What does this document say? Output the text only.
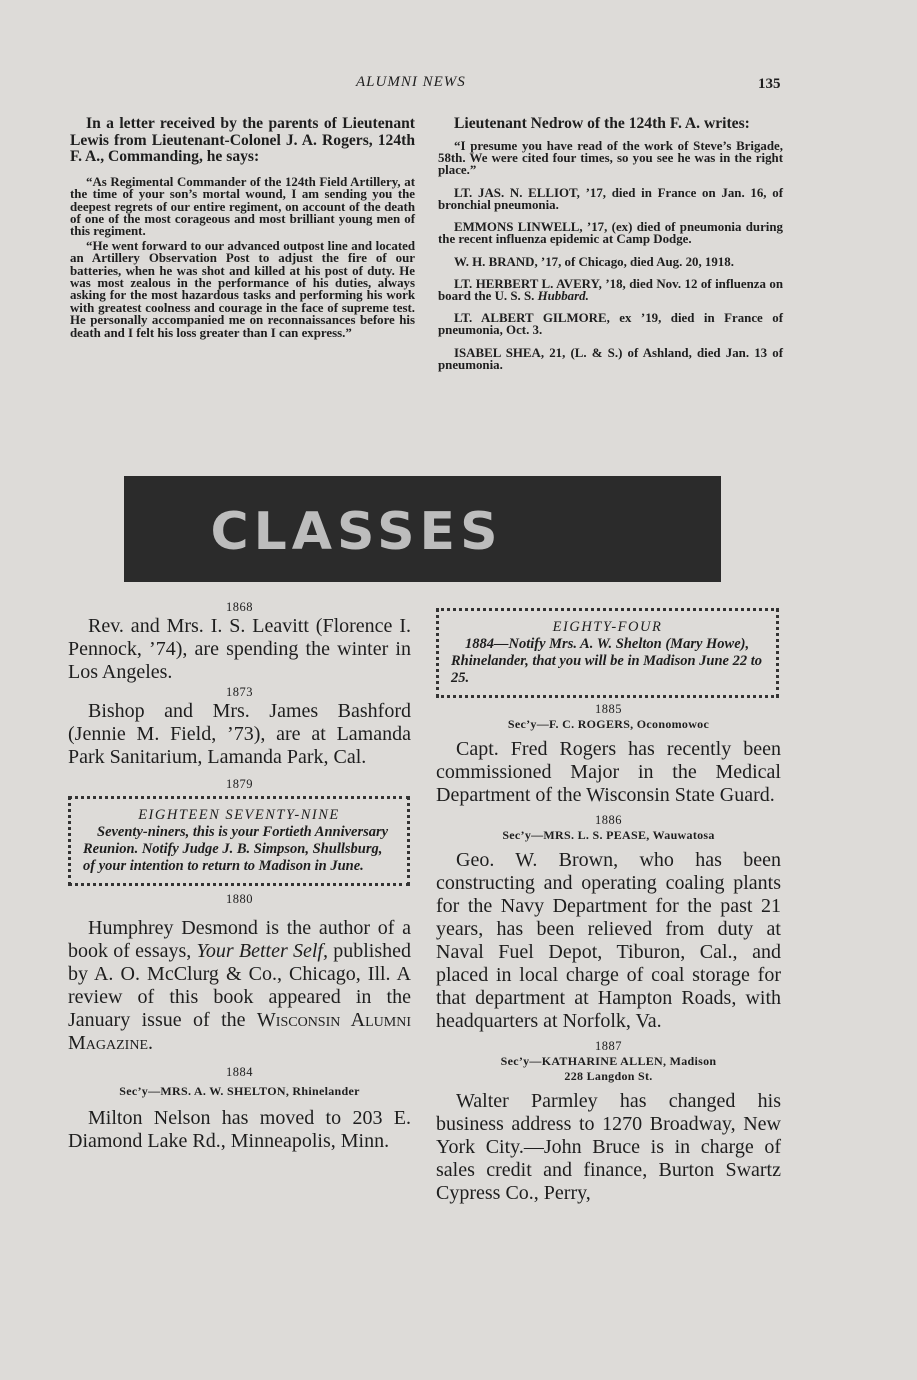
ALUMNI NEWS	135

In a letter received by the parents of Lieutenant Lewis from Lieutenant-Colonel J. A. Rogers, 124th F. A., Commanding, he says:

“As Regimental Commander of the 124th Field Artillery, at the time of your son’s mortal wound, I am sending you the deepest regrets of our entire regiment, on account of the death of one of the most corageous and most brilliant young men of this regiment.

“He went forward to our advanced outpost line and located an Artillery Observation Post to adjust the fire of our batteries, when he was shot and killed at his post of duty. He was most zealous in the performance of his duties, always asking for the most hazardous tasks and performing his work with greatest coolness and courage in the face of supreme test. He personally accompanied me on reconnaissances before his death and I felt his loss greater than I can express.”

Lieutenant Nedrow of the 124th F. A. writes:

“I presume you have read of the work of Steve’s Brigade, 58th. We were cited four times, so you see he was in the right place.”

LT. JAS. N. ELLIOT, ’17, died in France on Jan. 16, of bronchial pneumonia.

EMMONS LINWELL, ’17, (ex) died of pneumonia during the recent influenza epidemic at Camp Dodge.

W. H. BRAND, ’17, of Chicago, died Aug. 20, 1918.

LT. HERBERT L. AVERY, ’18, died Nov. 12 of influenza on board the U. S. S. Hubbard.

LT. ALBERT GILMORE, ex ’19, died in France of pneumonia, Oct. 3.

ISABEL SHEA, 21, (L. & S.) of Ashland, died Jan. 13 of pneumonia.

CLASSES
1868
Rev. and Mrs. I. S. Leavitt (Florence I. Pennock, ’74), are spending the winter in Los Angeles.
1873
Bishop and Mrs. James Bashford (Jennie M. Field, ’73), are at Lamanda Park Sanitarium, Lamanda Park, Cal.
1879
EIGHTEEN SEVENTY-NINE
Seventy-niners, this is your Fortieth Anniversary Reunion. Notify Judge J. B. Simpson, Shullsburg, of your intention to return to Madison in June.
1880
Humphrey Desmond is the author of a book of essays, Your Better Self, published by A. O. McClurg & Co., Chicago, Ill. A review of this book appeared in the January issue of the Wisconsin Alumni Magazine.
1884
Sec’y—MRS. A. W. SHELTON, Rhinelander
Milton Nelson has moved to 203 E. Diamond Lake Rd., Minneapolis, Minn.
EIGHTY-FOUR
1884—Notify Mrs. A. W. Shelton (Mary Howe), Rhinelander, that you will be in Madison June 22 to 25.
1885
Sec’y—F. C. ROGERS, Oconomowoc
Capt. Fred Rogers has recently been commissioned Major in the Medical Department of the Wisconsin State Guard.
1886
Sec’y—MRS. L. S. PEASE, Wauwatosa
Geo. W. Brown, who has been constructing and operating coaling plants for the Navy Department for the past 21 years, has been relieved from duty at Naval Fuel Depot, Tiburon, Cal., and placed in local charge of coal storage for that department at Hampton Roads, with headquarters at Norfolk, Va.
1887
Sec’y—KATHARINE ALLEN, Madison
228 Langdon St.
Walter Parmley has changed his business address to 1270 Broadway, New York City.—John Bruce is in charge of sales credit and finance, Burton Swartz Cypress Co., Perry,
